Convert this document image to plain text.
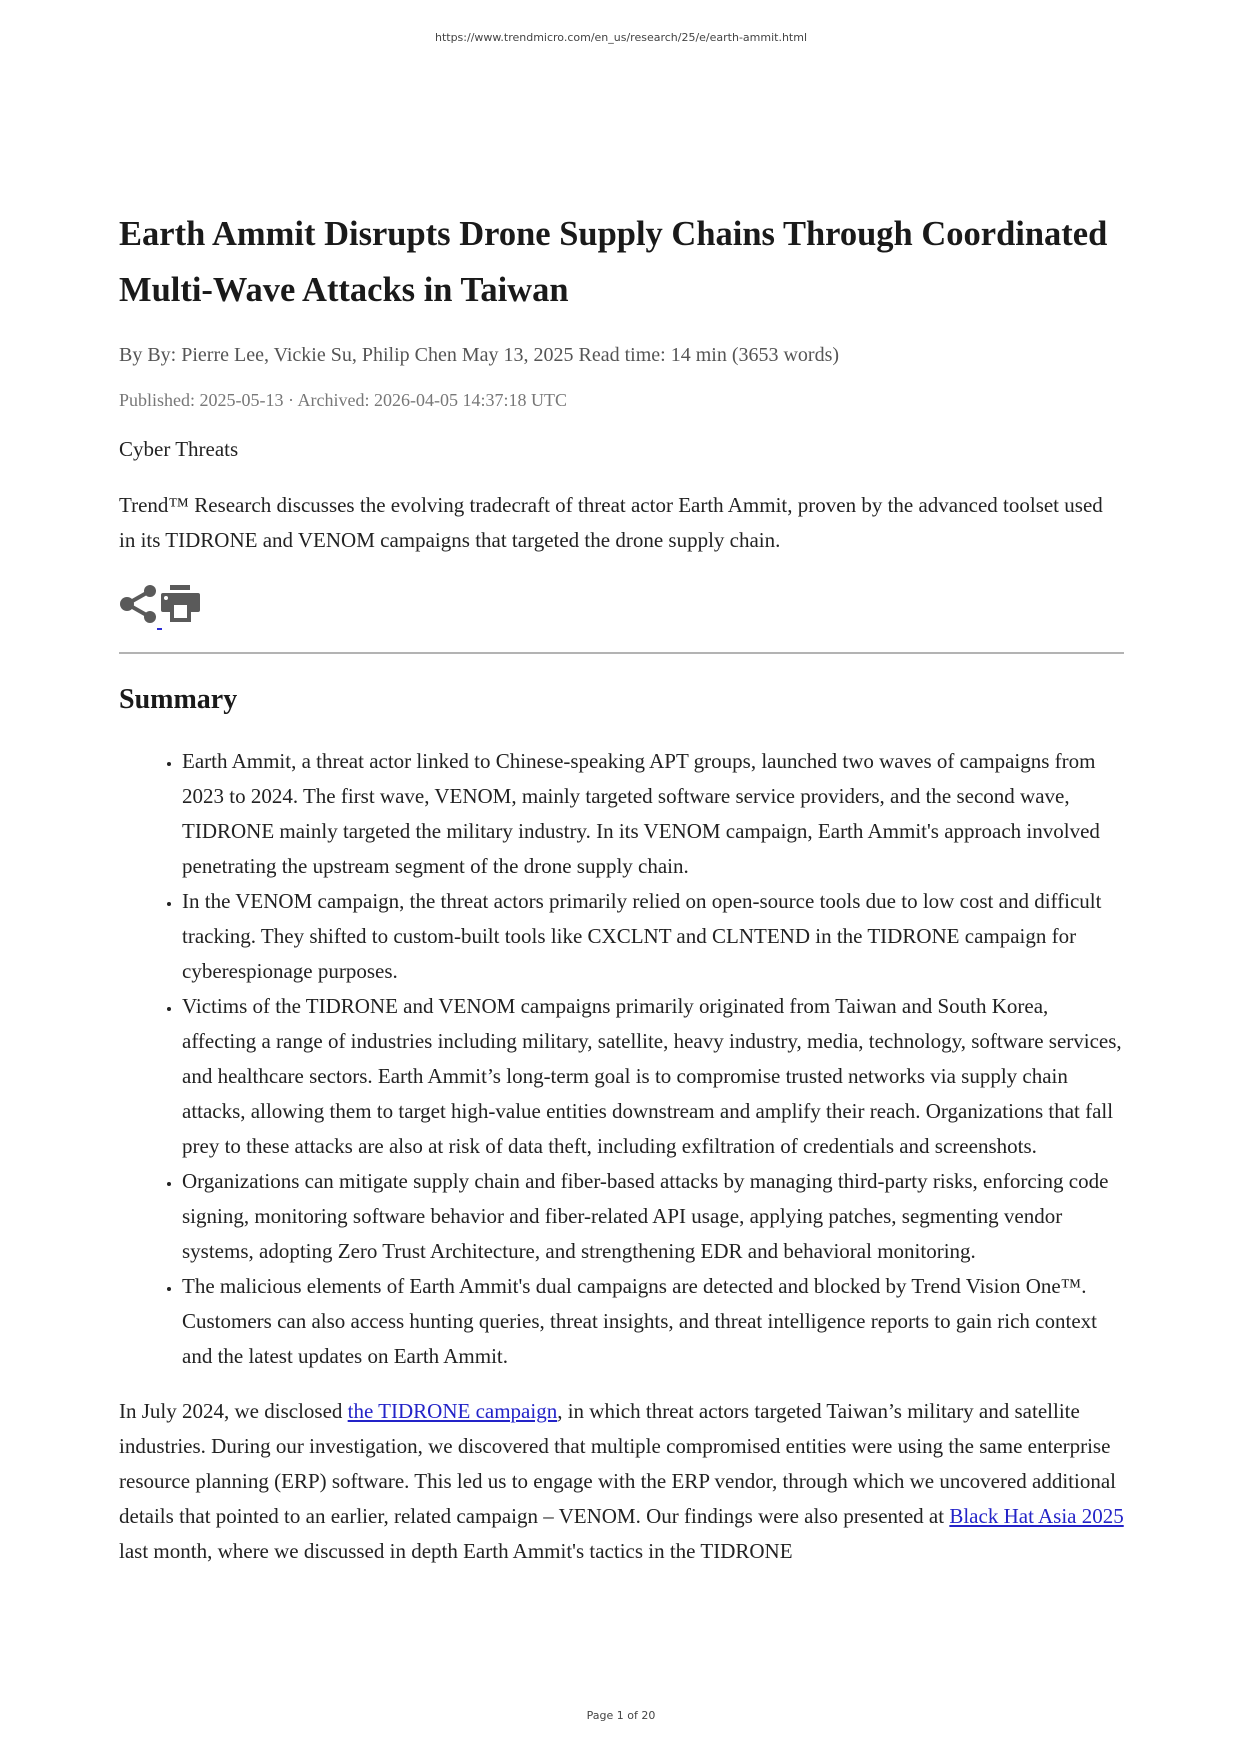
https://www.trendmicro.com/en_us/research/25/e/earth-ammit.html
Earth Ammit Disrupts Drone Supply Chains Through Coordinated Multi-Wave Attacks in Taiwan
By By: Pierre Lee, Vickie Su, Philip Chen May 13, 2025 Read time: 14 min (3653 words)
Published: 2025-05-13 · Archived: 2026-04-05 14:37:18 UTC
Cyber Threats
Trend™ Research discusses the evolving tradecraft of threat actor Earth Ammit, proven by the advanced toolset used in its TIDRONE and VENOM campaigns that targeted the drone supply chain.
Summary
• Earth Ammit, a threat actor linked to Chinese-speaking APT groups, launched two waves of campaigns from 2023 to 2024. The first wave, VENOM, mainly targeted software service providers, and the second wave, TIDRONE mainly targeted the military industry. In its VENOM campaign, Earth Ammit's approach involved penetrating the upstream segment of the drone supply chain.
• In the VENOM campaign, the threat actors primarily relied on open-source tools due to low cost and difficult tracking. They shifted to custom-built tools like CXCLNT and CLNTEND in the TIDRONE campaign for cyberespionage purposes.
• Victims of the TIDRONE and VENOM campaigns primarily originated from Taiwan and South Korea, affecting a range of industries including military, satellite, heavy industry, media, technology, software services, and healthcare sectors. Earth Ammit’s long-term goal is to compromise trusted networks via supply chain attacks, allowing them to target high-value entities downstream and amplify their reach. Organizations that fall prey to these attacks are also at risk of data theft, including exfiltration of credentials and screenshots.
• Organizations can mitigate supply chain and fiber-based attacks by managing third-party risks, enforcing code signing, monitoring software behavior and fiber-related API usage, applying patches, segmenting vendor systems, adopting Zero Trust Architecture, and strengthening EDR and behavioral monitoring.
• The malicious elements of Earth Ammit's dual campaigns are detected and blocked by Trend Vision One™. Customers can also access hunting queries, threat insights, and threat intelligence reports to gain rich context and the latest updates on Earth Ammit.

In July 2024, we disclosed the TIDRONE campaign, in which threat actors targeted Taiwan’s military and satellite industries. During our investigation, we discovered that multiple compromised entities were using the same enterprise resource planning (ERP) software. This led us to engage with the ERP vendor, through which we uncovered additional details that pointed to an earlier, related campaign – VENOM. Our findings were also presented at Black Hat Asia 2025 last month, where we discussed in depth Earth Ammit's tactics in the TIDRONE

Page 1 of 20
